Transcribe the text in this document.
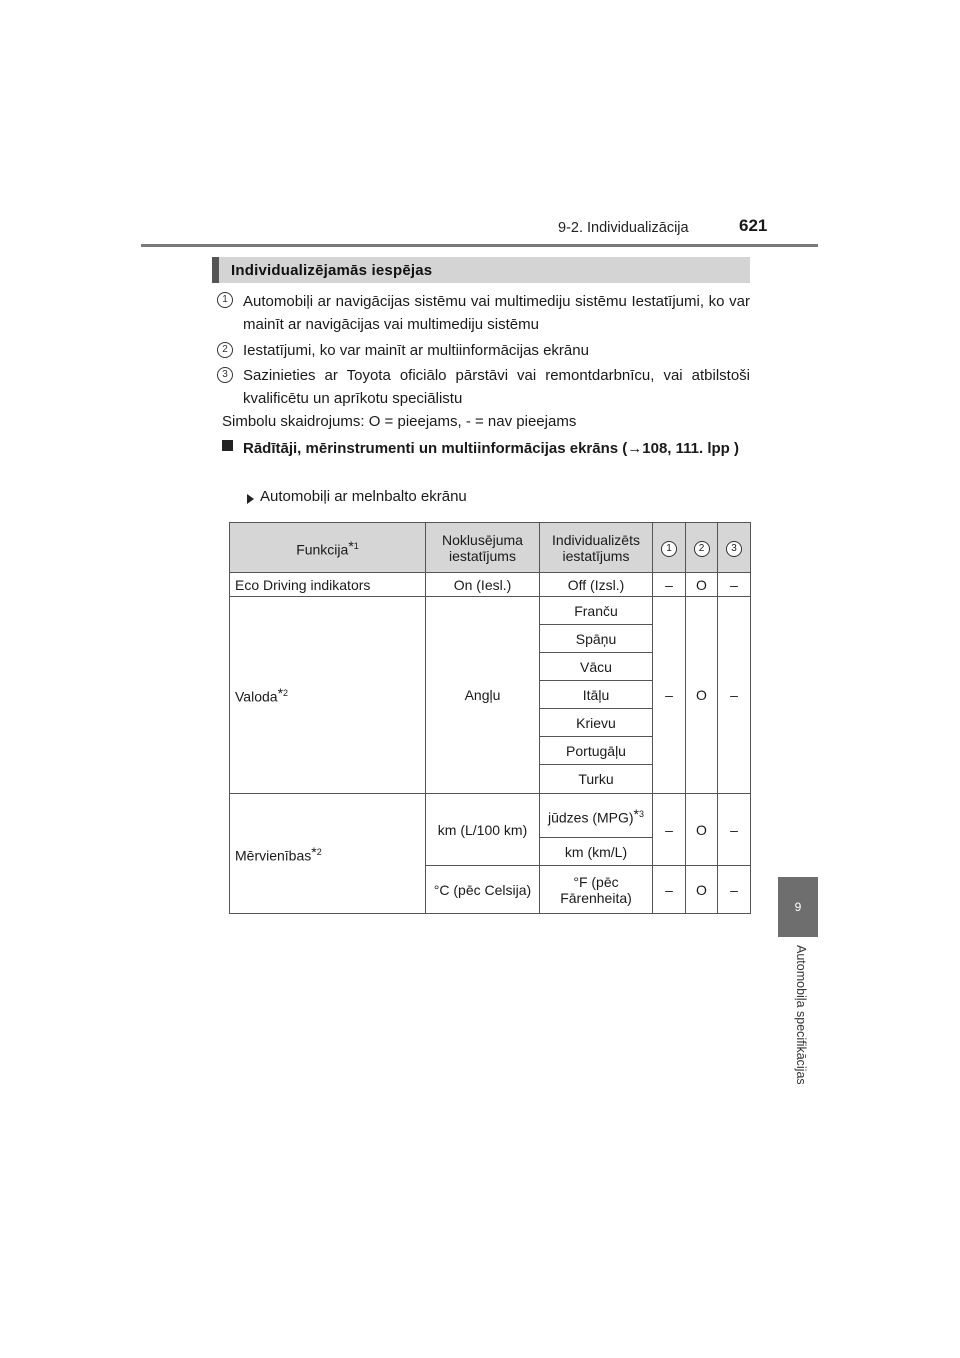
9-2. Individualizācija	621
9
Automobiļa specifikācijas
Individualizējamās iespējas
1	Automobiļi ar navigācijas sistēmu vai multimediju sistēmu Iestatījumi, ko var mainīt ar navigācijas vai multimediju sistēmu
2	Iestatījumi, ko var mainīt ar multiinformācijas ekrānu
3	Sazinieties ar Toyota oficiālo pārstāvi vai remontdarbnīcu, vai atbilstoši kvalificētu un aprīkotu speciālistu
Simbolu skaidrojums: O = pieejams, - = nav pieejams
Rādītāji, mērinstrumenti un multiinformācijas ekrāns (→108, 111. lpp )
Automobiļi ar melnbalto ekrānu
Funkcija$^{*1}$	Noklusējuma iestatījums	Individualizēts iestatījums	1	2	3
Eco Driving indikators	On (Iesl.)	Off (Izsl.)	–	O	–
Valoda$^{*2}$	Angļu	Franču	–	O	–
		Spāņu			
		Vācu			
		Itāļu			
		Krievu			
		Portugāļu			
		Turku			
Mērvienības$^{*2}$	km (L/100 km)	jūdzes (MPG)$^{*3}$	–	O	–
		km (km/L)			
	°C (pēc Celsija)	°F (pēc Fārenheita)	–	O	–
